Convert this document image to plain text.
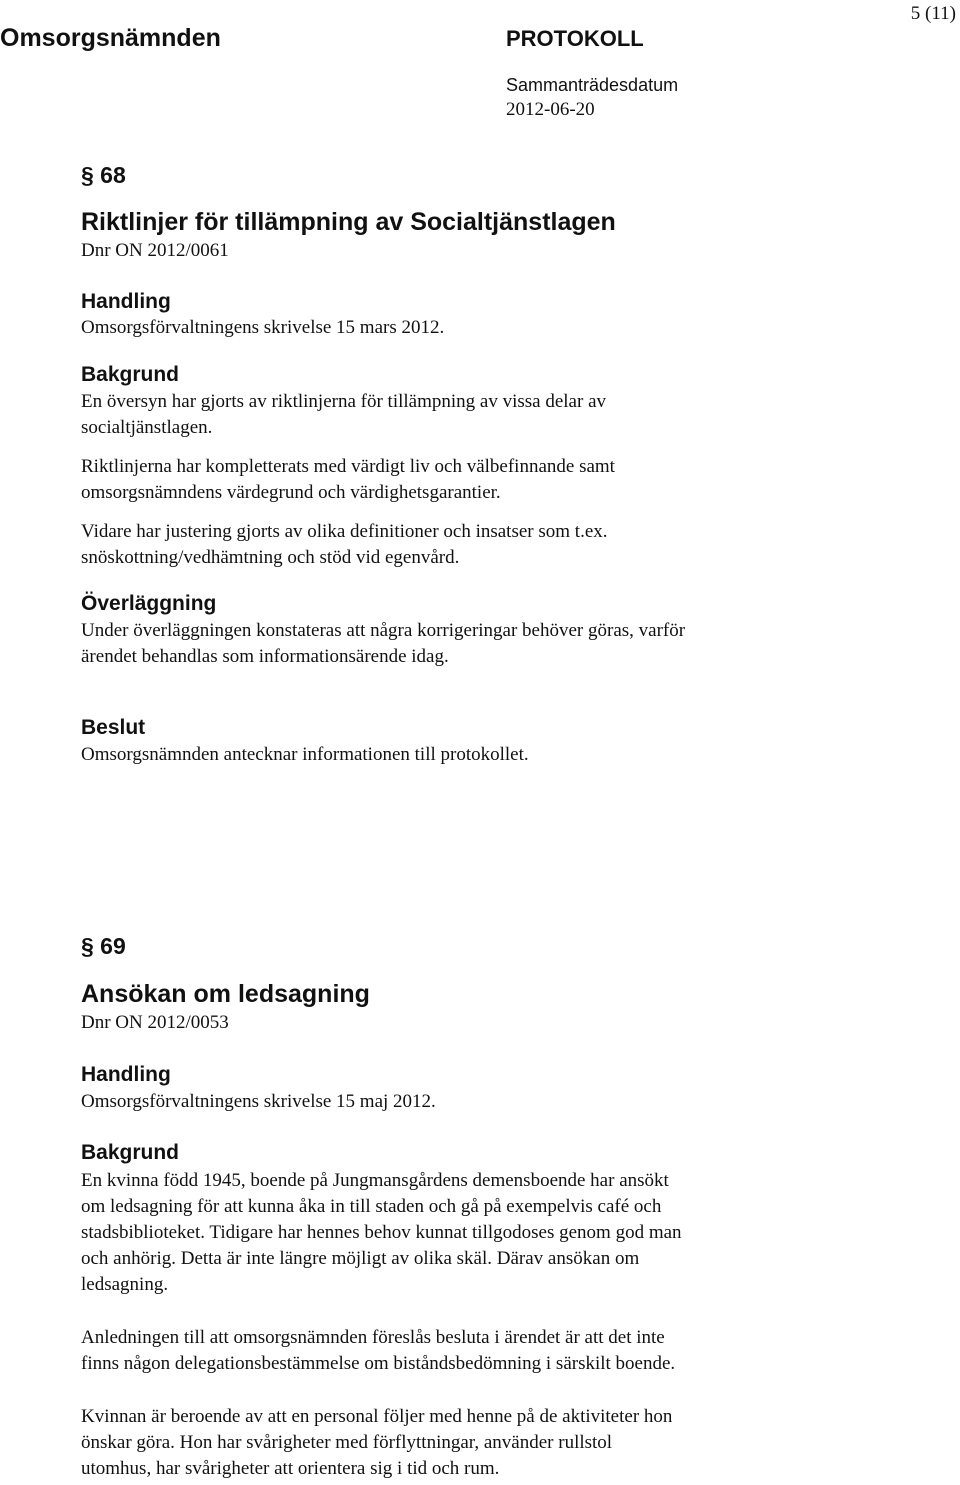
Omsorgsnämnden	PROTOKOLL
5 (11)
Sammanträdesdatum
2012-06-20
§ 68
Riktlinjer för tillämpning av Socialtjänstlagen
Dnr ON 2012/0061
Handling
Omsorgsförvaltningens skrivelse 15 mars 2012.
Bakgrund
En översyn har gjorts av riktlinjerna för tillämpning av vissa delar av
socialtjänstlagen.
Riktlinjerna har kompletterats med värdigt liv och välbefinnande samt
omsorgsnämndens värdegrund och värdighetsgarantier.
Vidare har justering gjorts av olika definitioner och insatser som t.ex.
snöskottning/vedhämtning och stöd vid egenvård.
Överläggning
Under överläggningen konstateras att några korrigeringar behöver göras, varför
ärendet behandlas som informationsärende idag.
Beslut
Omsorgsnämnden antecknar informationen till protokollet.
§ 69
Ansökan om ledsagning
Dnr ON 2012/0053
Handling
Omsorgsförvaltningens skrivelse 15 maj 2012.
Bakgrund
En kvinna född 1945, boende på Jungmansgårdens demensboende har ansökt
om ledsagning för att kunna åka in till staden och gå på exempelvis café och
stadsbiblioteket. Tidigare har hennes behov kunnat tillgodoses genom god man
och anhörig. Detta är inte längre möjligt av olika skäl. Därav ansökan om
ledsagning.
Anledningen till att omsorgsnämnden föreslås besluta i ärendet är att det inte
finns någon delegationsbestämmelse om biståndsbedömning i särskilt boende.
Kvinnan är beroende av att en personal följer med henne på de aktiviteter hon
önskar göra. Hon har svårigheter med förflyttningar, använder rullstol
utomhus, har svårigheter att orientera sig i tid och rum.
